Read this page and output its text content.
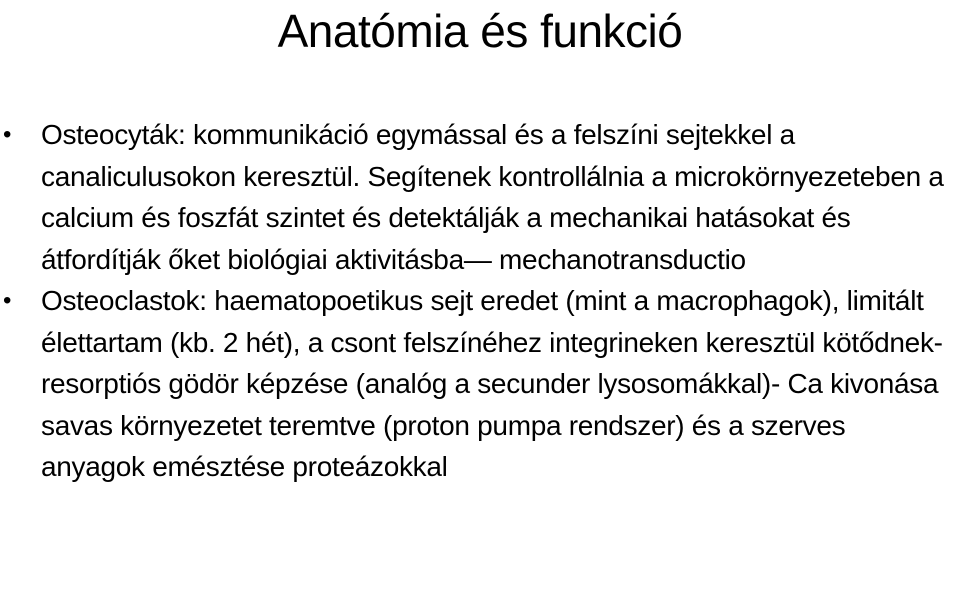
Anatómia és funkció
• Osteocyták: kommunikáció egymással és a felszíni sejtekkel a canaliculusokon keresztül. Segítenek kontrollálnia a microkörnyezeteben a calcium és foszfát szintet és detektálják a mechanikai hatásokat és átfordítják őket biológiai aktivitásba— mechanotransductio
• Osteoclastok: haematopoetikus sejt eredet (mint a macrophagok), limitált élettartam (kb. 2 hét), a csont felszínéhez integrineken keresztül kötődnek- resorptiós gödör képzése (analóg a secunder lysosomákkal)- Ca kivonása savas környezetet teremtve (proton pumpa rendszer) és a szerves anyagok emésztése proteázokkal
